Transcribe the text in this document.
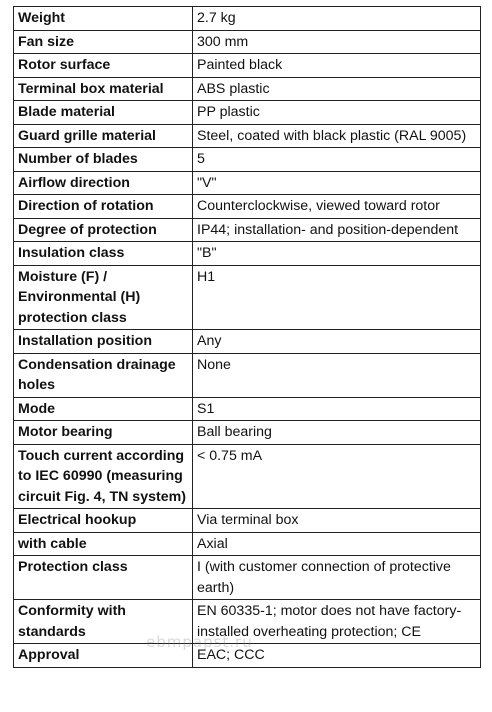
Weight	2.7 kg
Fan size	300 mm
Rotor surface	Painted black
Terminal box material	ABS plastic
Blade material	PP plastic
Guard grille material	Steel, coated with black plastic (RAL 9005)
Number of blades	5
Airflow direction	"V"
Direction of rotation	Counterclockwise, viewed toward rotor
Degree of protection	IP44; installation- and position-dependent
Insulation class	"B"
Moisture (F) / Environmental (H) protection class	H1
Installation position	Any
Condensation drainage holes	None
Mode	S1
Motor bearing	Ball bearing
Touch current according to IEC 60990 (measuring circuit Fig. 4, TN system)	< 0.75 mA
Electrical hookup	Via terminal box
with cable	Axial
Protection class	I (with customer connection of protective earth)
Conformity with standards	EN 60335-1; motor does not have factory-installed overheating protection; CE
Approval	EAC; CCC
ebmpapst.ru
